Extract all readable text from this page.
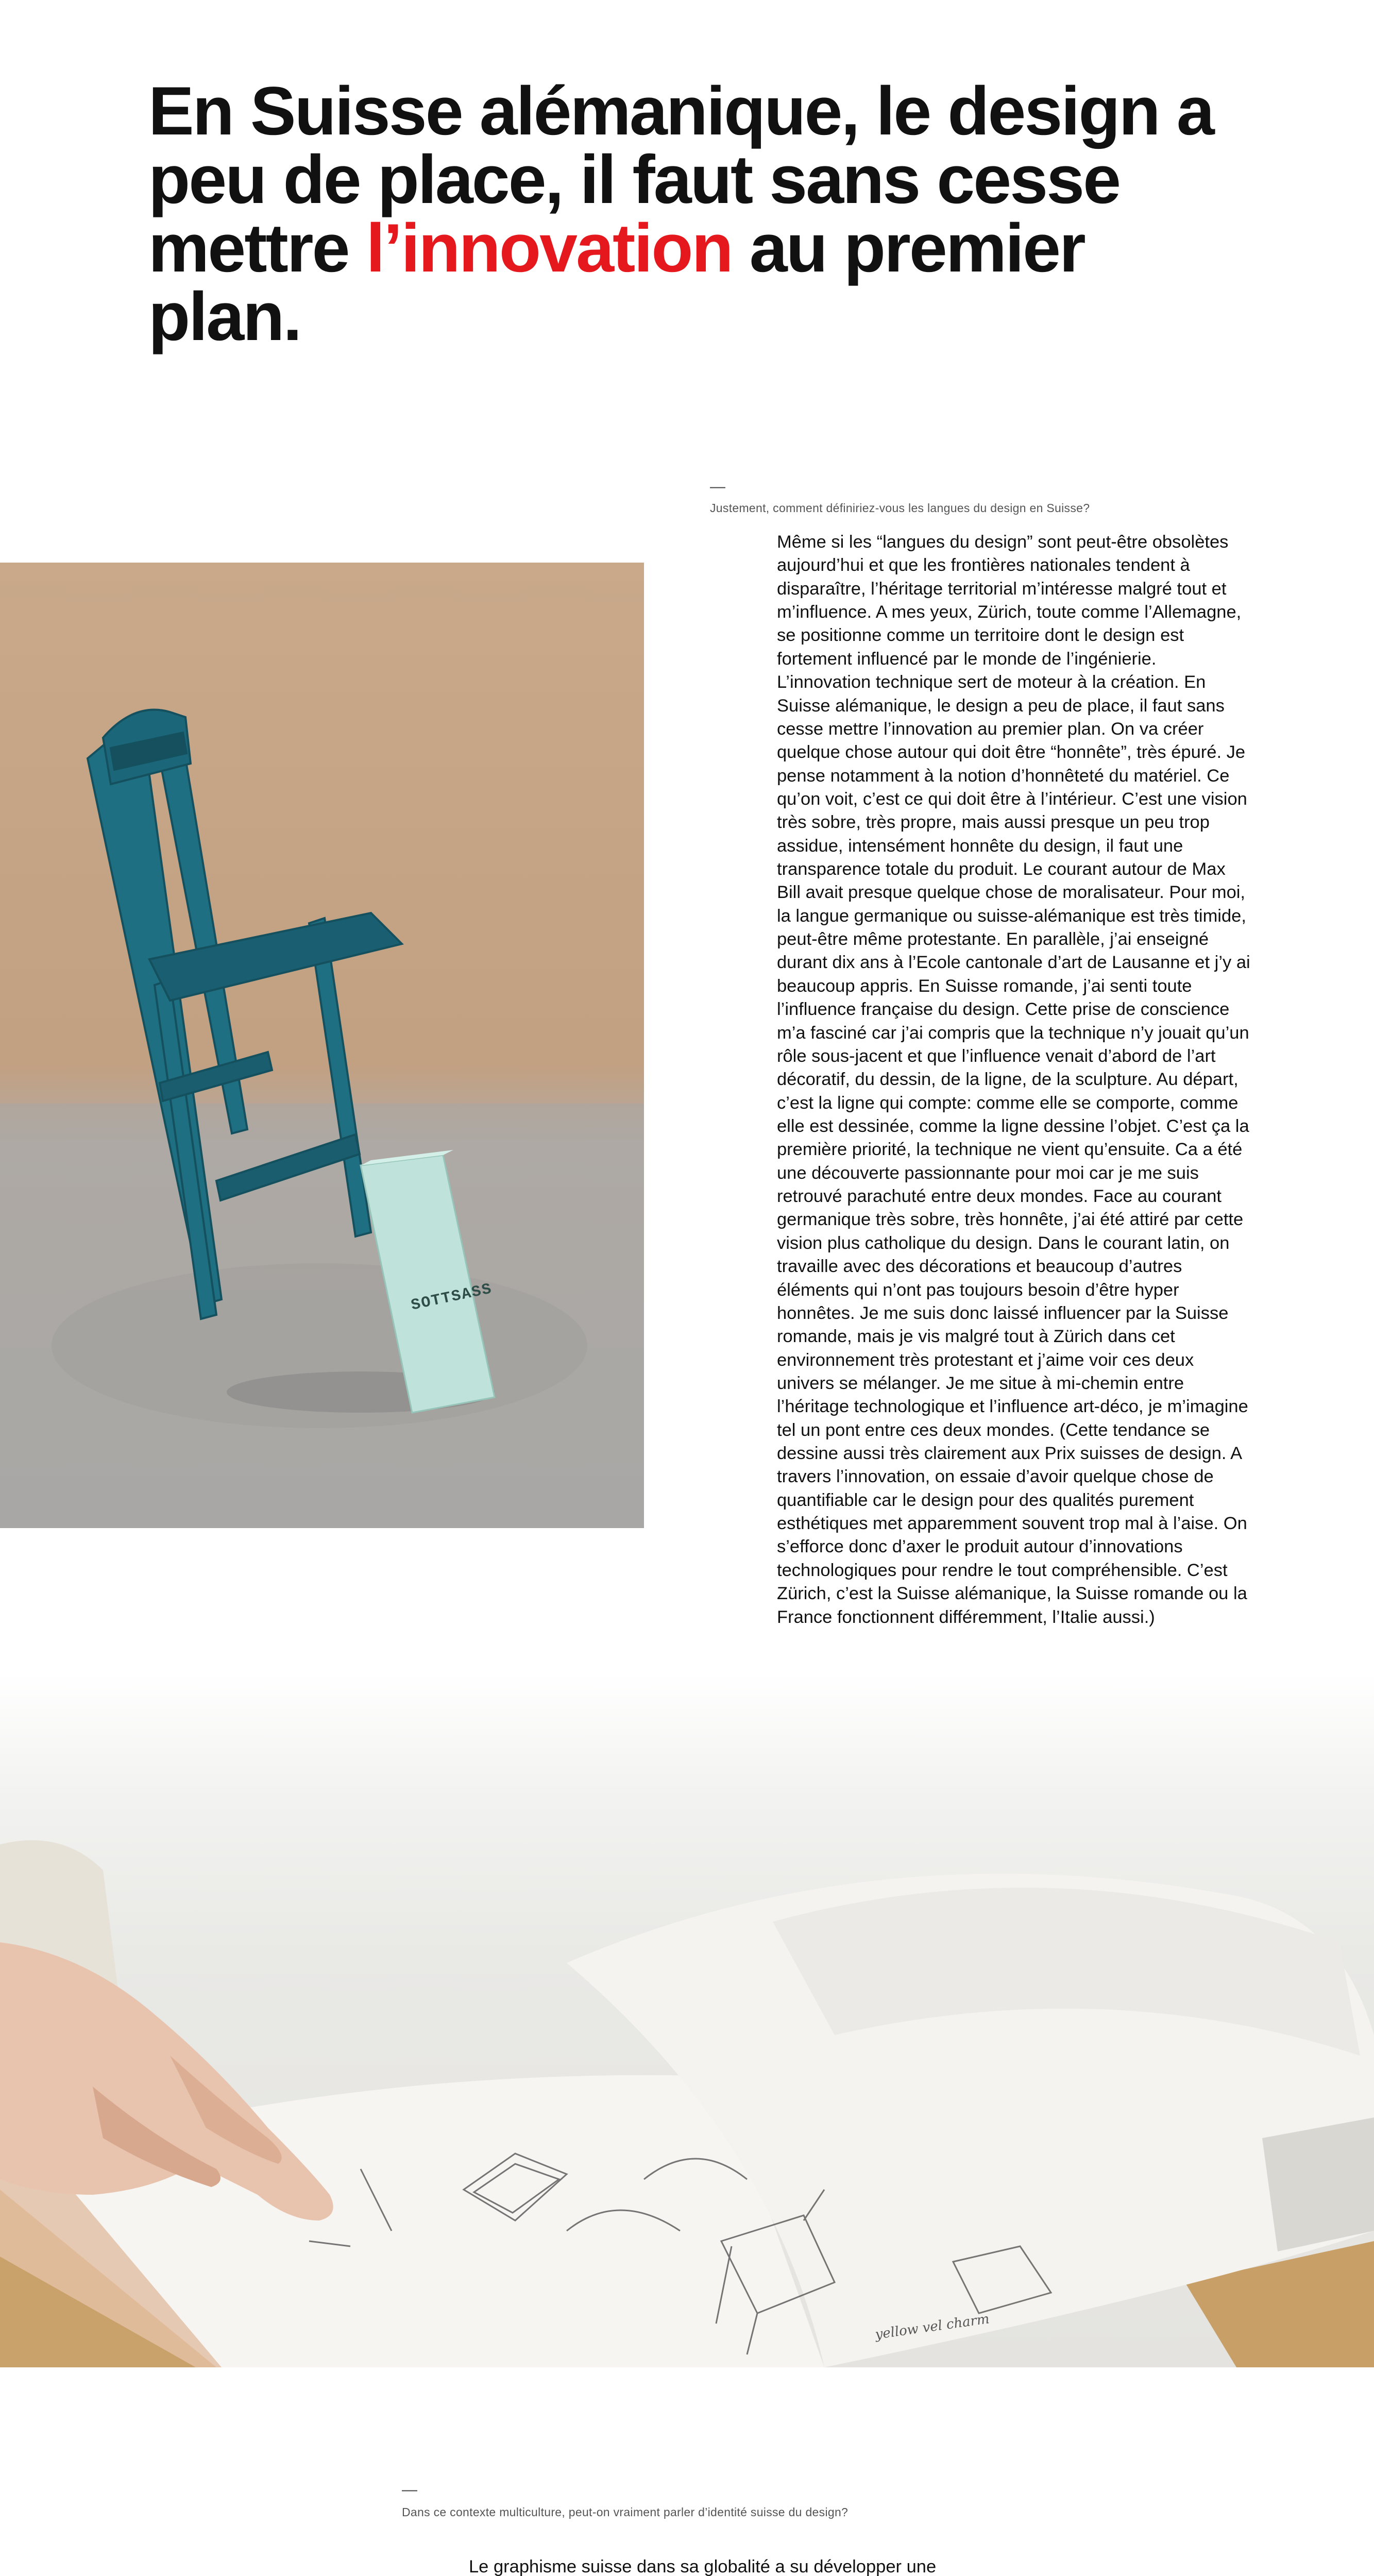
En Suisse alémanique, le design a peu de place, il faut sans cesse mettre l’innovation au premier plan.
—

Justement, comment définiriez-vous les langues du design en Suisse?

Même si les “langues du design” sont peut-être obsolètes aujourd’hui et que les frontières nationales tendent à disparaître, l’héritage territorial m’intéresse malgré tout et m’influence. A mes yeux, Zürich, toute comme l’Allemagne, se positionne comme un territoire dont le design est fortement influencé par le monde de l’ingénierie. L’innovation technique sert de moteur à la création. En Suisse alémanique, le design a peu de place, il faut sans cesse mettre l’innovation au premier plan. On va créer quelque chose autour qui doit être “honnête”, très épuré. Je pense notamment à la notion d’honnêteté du matériel. Ce qu’on voit, c’est ce qui doit être à l’intérieur. C’est une vision très sobre, très propre, mais aussi presque un peu trop assidue, intensément honnête du design, il faut une transparence totale du produit. Le courant autour de Max Bill avait presque quelque chose de moralisateur. Pour moi, la langue germanique ou suisse-alémanique est très timide, peut-être même protestante. En parallèle, j’ai enseigné durant dix ans à l’Ecole cantonale d’art de Lausanne et j’y ai beaucoup appris. En Suisse romande, j’ai senti toute l’influence française du design. Cette prise de conscience m’a fasciné car j’ai compris que la technique n’y jouait qu’un rôle sous-jacent et que l’influence venait d’abord de l’art décoratif, du dessin, de la ligne, de la sculpture. Au départ, c’est la ligne qui compte: comme elle se comporte, comme elle est dessinée, comme la ligne dessine l’objet. C’est ça la première priorité, la technique ne vient qu’ensuite. Ca a été une découverte passionnante pour moi car je me suis retrouvé parachuté entre deux mondes. Face au courant germanique très sobre, très honnête, j’ai été attiré par cette vision plus catholique du design. Dans le courant latin, on travaille avec des décorations et beaucoup d’autres éléments qui n’ont pas toujours besoin d’être hyper honnêtes. Je me suis donc laissé influencer par la Suisse romande, mais je vis malgré tout à Zürich dans cet environnement très protestant et j’aime voir ces deux univers se mélanger. Je me situe à mi-chemin entre l’héritage technologique et l’influence art-déco, je m’imagine tel un pont entre ces deux mondes. (Cette tendance se dessine aussi très clairement aux Prix suisses de design. A travers l’innovation, on essaie d’avoir quelque chose de quantifiable car le design pour des qualités purement esthétiques met apparemment souvent trop mal à l’aise. On s’efforce donc d’axer le produit autour d’innovations technologiques pour rendre le tout compréhensible. C’est Zürich, c’est la Suisse alémanique, la Suisse romande ou la France fonctionnent différemment, l’Italie aussi.)

SOTTSASS
yellow vel charm
—

Dans ce contexte multiculture, peut-on vraiment parler d’identité suisse du design?

Le graphisme suisse dans sa globalité a su développer une
